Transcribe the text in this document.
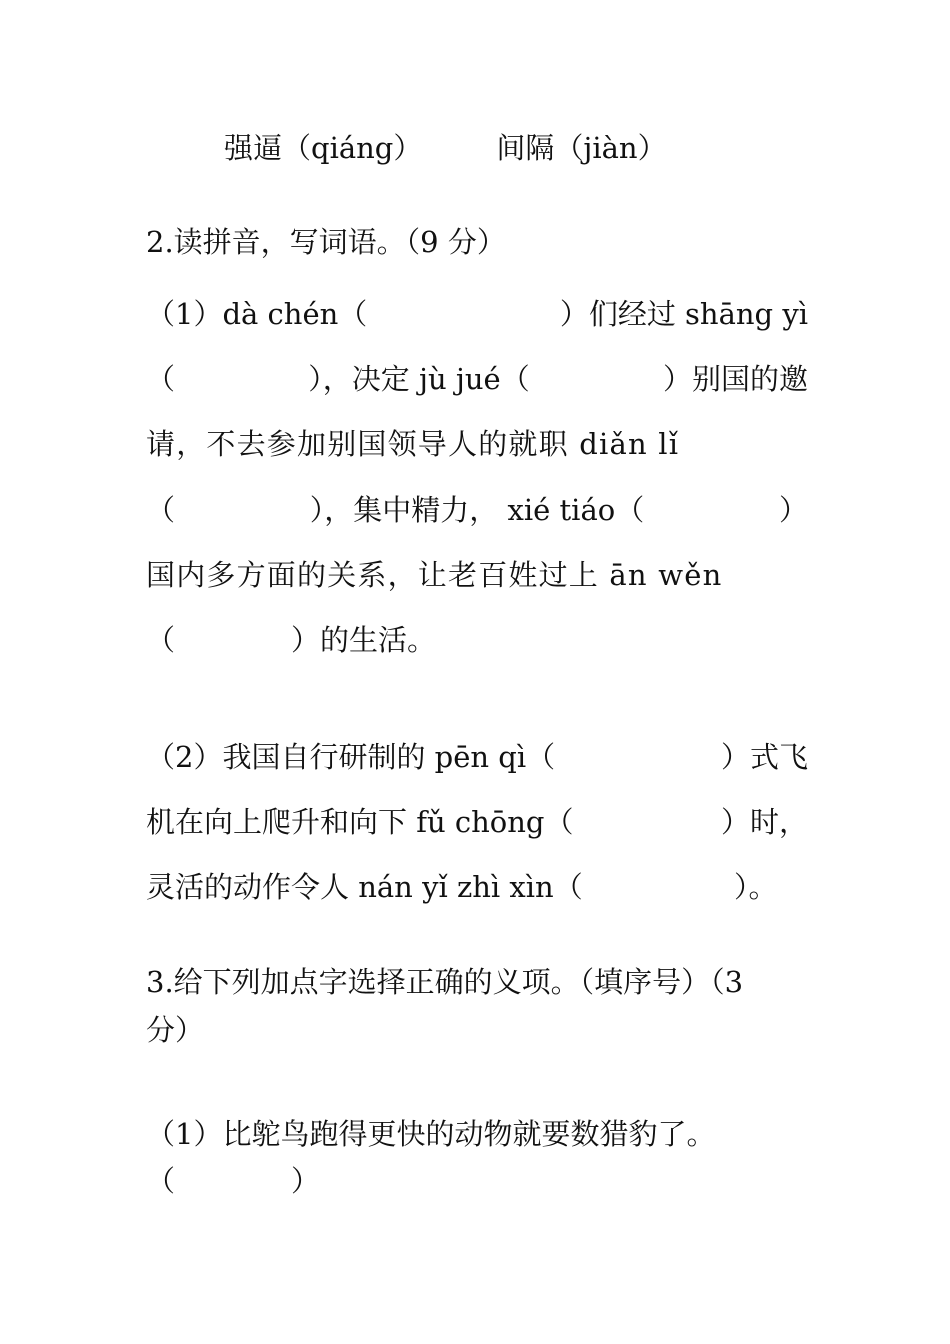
强逼（qiáng）	间隔（jiàn）
2.读拼音，写词语。（9 分）
（1）dà chén（	）们经过 shāng yì
（	），决定 jù jué（	）别国的邀
请，不去参加别国领导人的就职 diǎn lǐ
（	），集中精力， xié tiáo（	）
国内多方面的关系，让老百姓过上 ān wěn
（	）的生活。
（2）我国自行研制的 pēn qì（	）式飞
机在向上爬升和向下 fǔ chōng（	）时，
灵活的动作令人 nán yǐ zhì xìn（	）。
3.给下列加点字选择正确的义项。（填序号）（3
分）
（1）比鸵鸟跑得更快的动物就要数猎豹了。
（	）
